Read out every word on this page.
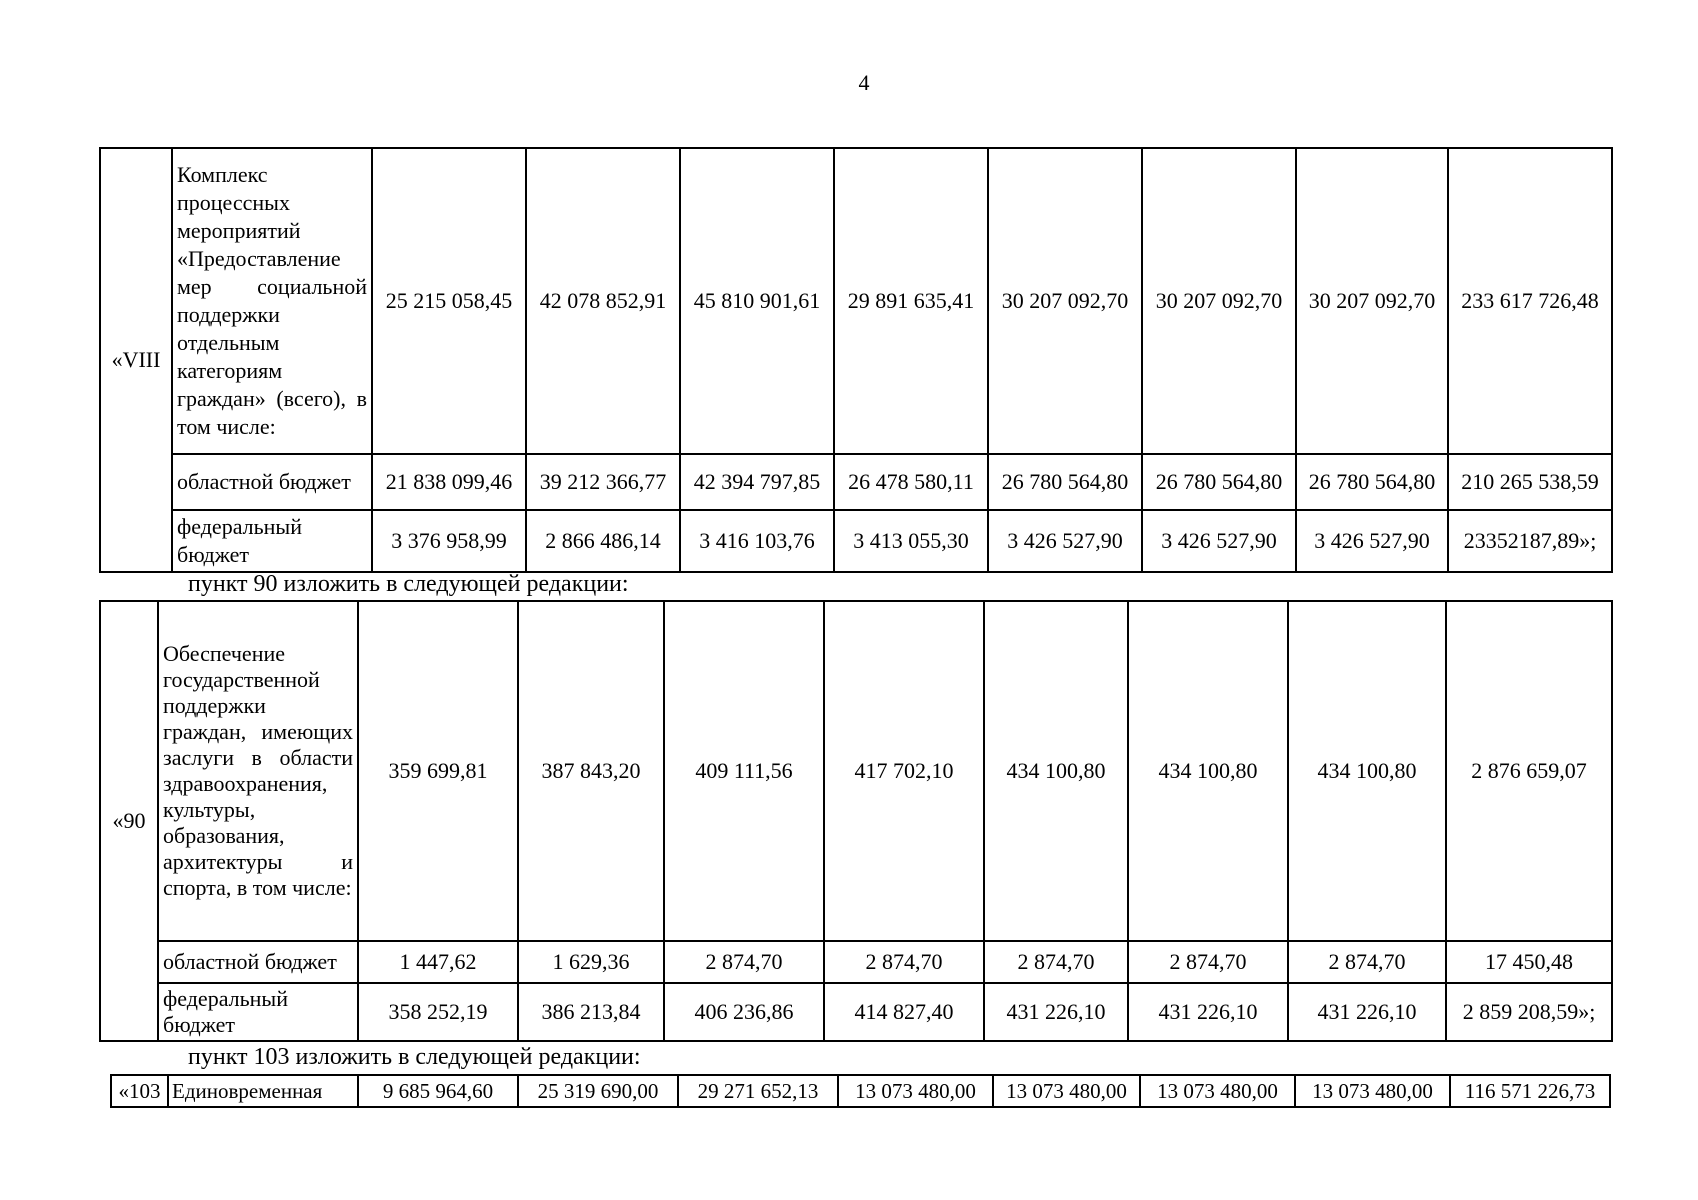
4
«VIII	Комплекс процессных мероприятий «Предоставление мер социальной поддержки отдельным категориям граждан» (всего), в том числе:	25 215 058,45	42 078 852,91	45 810 901,61	29 891 635,41	30 207 092,70	30 207 092,70	30 207 092,70	233 617 726,48
	областной бюджет	21 838 099,46	39 212 366,77	42 394 797,85	26 478 580,11	26 780 564,80	26 780 564,80	26 780 564,80	210 265 538,59
	федеральный бюджет	3 376 958,99	2 866 486,14	3 416 103,76	3 413 055,30	3 426 527,90	3 426 527,90	3 426 527,90	23352187,89»;
пункт 90 изложить в следующей редакции:
«90	Обеспечение государственной поддержки граждан, имеющих заслуги в области здравоохранения, культуры, образования, архитектуры и спорта, в том числе:	359 699,81	387 843,20	409 111,56	417 702,10	434 100,80	434 100,80	434 100,80	2 876 659,07
	областной бюджет	1 447,62	1 629,36	2 874,70	2 874,70	2 874,70	2 874,70	2 874,70	17 450,48
	федеральный бюджет	358 252,19	386 213,84	406 236,86	414 827,40	431 226,10	431 226,10	431 226,10	2 859 208,59»;
пункт 103 изложить в следующей редакции:
«103	Единовременная	9 685 964,60	25 319 690,00	29 271 652,13	13 073 480,00	13 073 480,00	13 073 480,00	13 073 480,00	116 571 226,73
